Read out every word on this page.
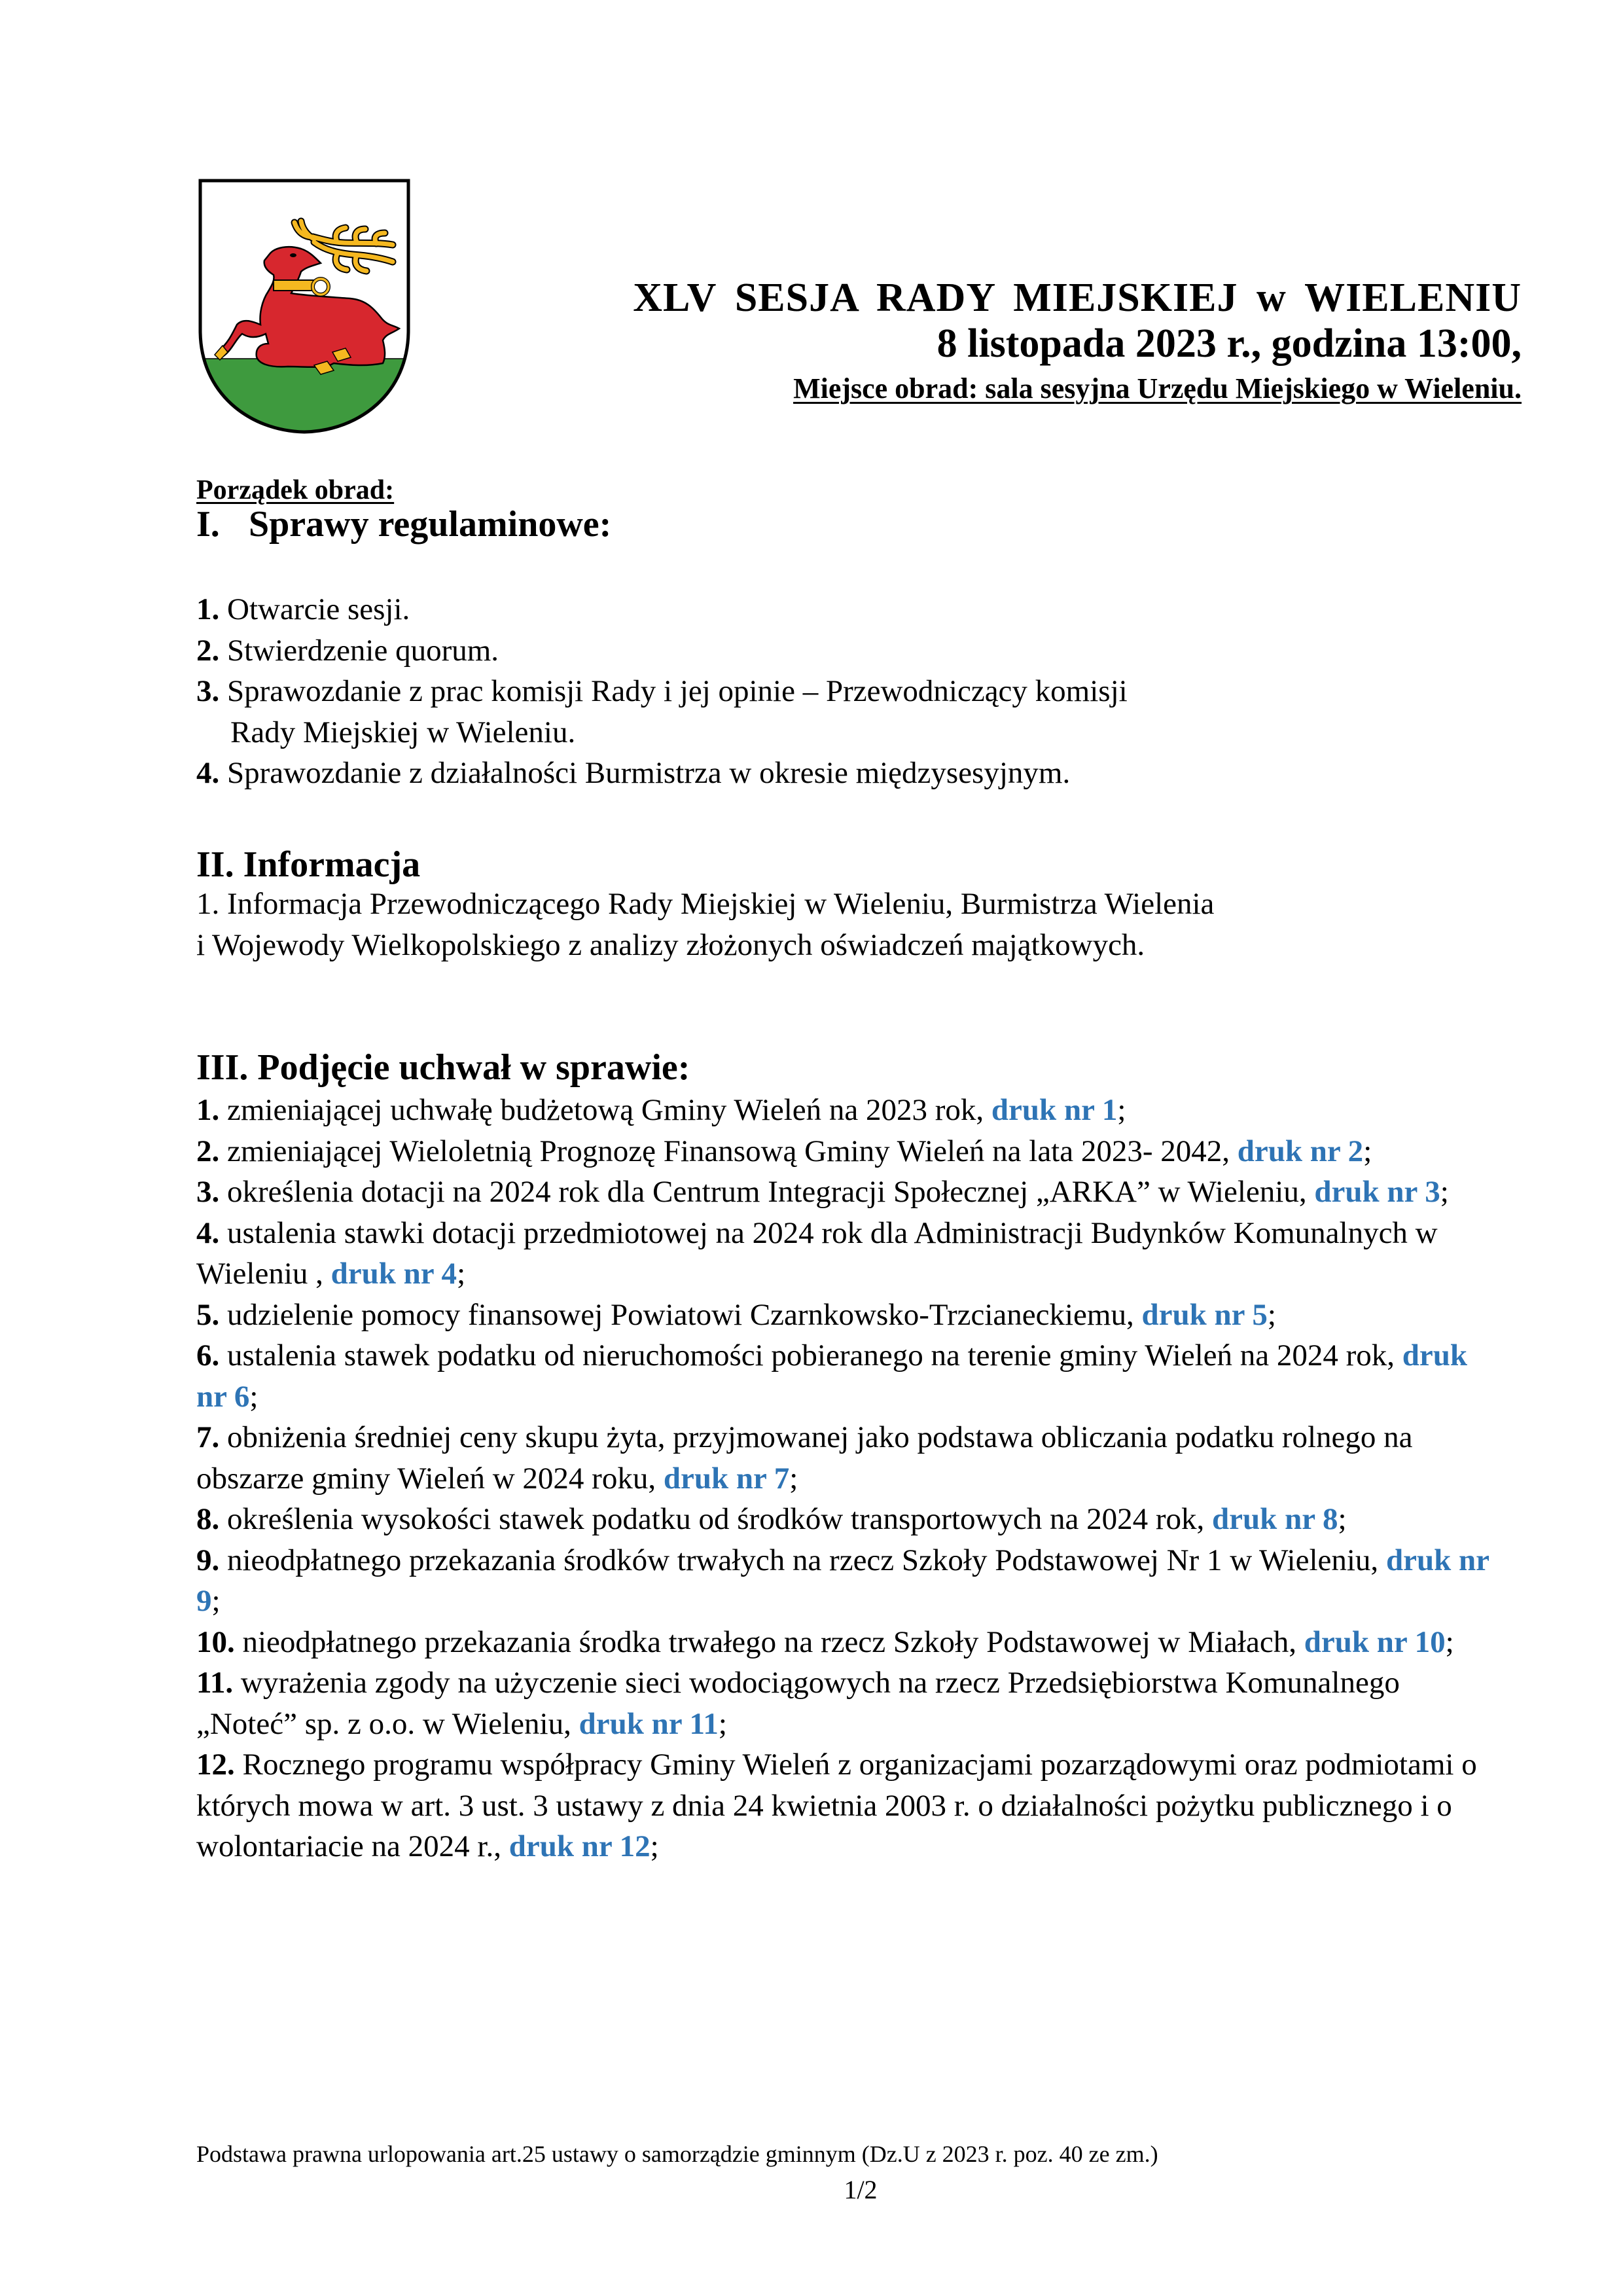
XLV SESJA RADY MIEJSKIEJ w WIELENIU
8 listopada 2023 r., godzina 13:00,
Miejsce obrad: sala sesyjna Urzędu Miejskiego w Wieleniu.
Porządek obrad:
I. Sprawy regulaminowe:
1. Otwarcie sesji.
2. Stwierdzenie quorum.
3. Sprawozdanie z prac komisji Rady i jej opinie – Przewodniczący komisji
Rady Miejskiej w Wieleniu.
4. Sprawozdanie z działalności Burmistrza w okresie międzysesyjnym.
II. Informacja
1. Informacja Przewodniczącego Rady Miejskiej w Wieleniu, Burmistrza Wielenia
i Wojewody Wielkopolskiego z analizy złożonych oświadczeń majątkowych.
III. Podjęcie uchwał w sprawie:
1. zmieniającej uchwałę budżetową Gminy Wieleń na 2023 rok, druk nr 1;
2. zmieniającej Wieloletnią Prognozę Finansową Gminy Wieleń na lata 2023- 2042, druk nr 2;
3. określenia dotacji na 2024 rok dla Centrum Integracji Społecznej „ARKA” w Wieleniu, druk nr 3;
4. ustalenia stawki dotacji przedmiotowej na 2024 rok dla Administracji Budynków Komunalnych w Wieleniu , druk nr 4;
5. udzielenie pomocy finansowej Powiatowi Czarnkowsko-Trzcianeckiemu, druk nr 5;
6. ustalenia stawek podatku od nieruchomości pobieranego na terenie gminy Wieleń na 2024 rok, druk nr 6;
7. obniżenia średniej ceny skupu żyta, przyjmowanej jako podstawa obliczania podatku rolnego na obszarze gminy Wieleń w 2024 roku, druk nr 7;
8. określenia wysokości stawek podatku od środków transportowych na 2024 rok, druk nr 8;
9. nieodpłatnego przekazania środków trwałych na rzecz Szkoły Podstawowej Nr 1 w Wieleniu, druk nr 9;
10. nieodpłatnego przekazania środka trwałego na rzecz Szkoły Podstawowej w Miałach, druk nr 10;
11. wyrażenia zgody na użyczenie sieci wodociągowych na rzecz Przedsiębiorstwa Komunalnego „Noteć” sp. z o.o. w Wieleniu, druk nr 11;
12. Rocznego programu współpracy Gminy Wieleń z organizacjami pozarządowymi oraz podmiotami o których mowa w art. 3 ust. 3 ustawy z dnia 24 kwietnia 2003 r. o działalności pożytku publicznego i o wolontariacie na 2024 r., druk nr 12;
Podstawa prawna urlopowania art.25 ustawy o samorządzie gminnym (Dz.U z 2023 r. poz. 40 ze zm.)
1/2
